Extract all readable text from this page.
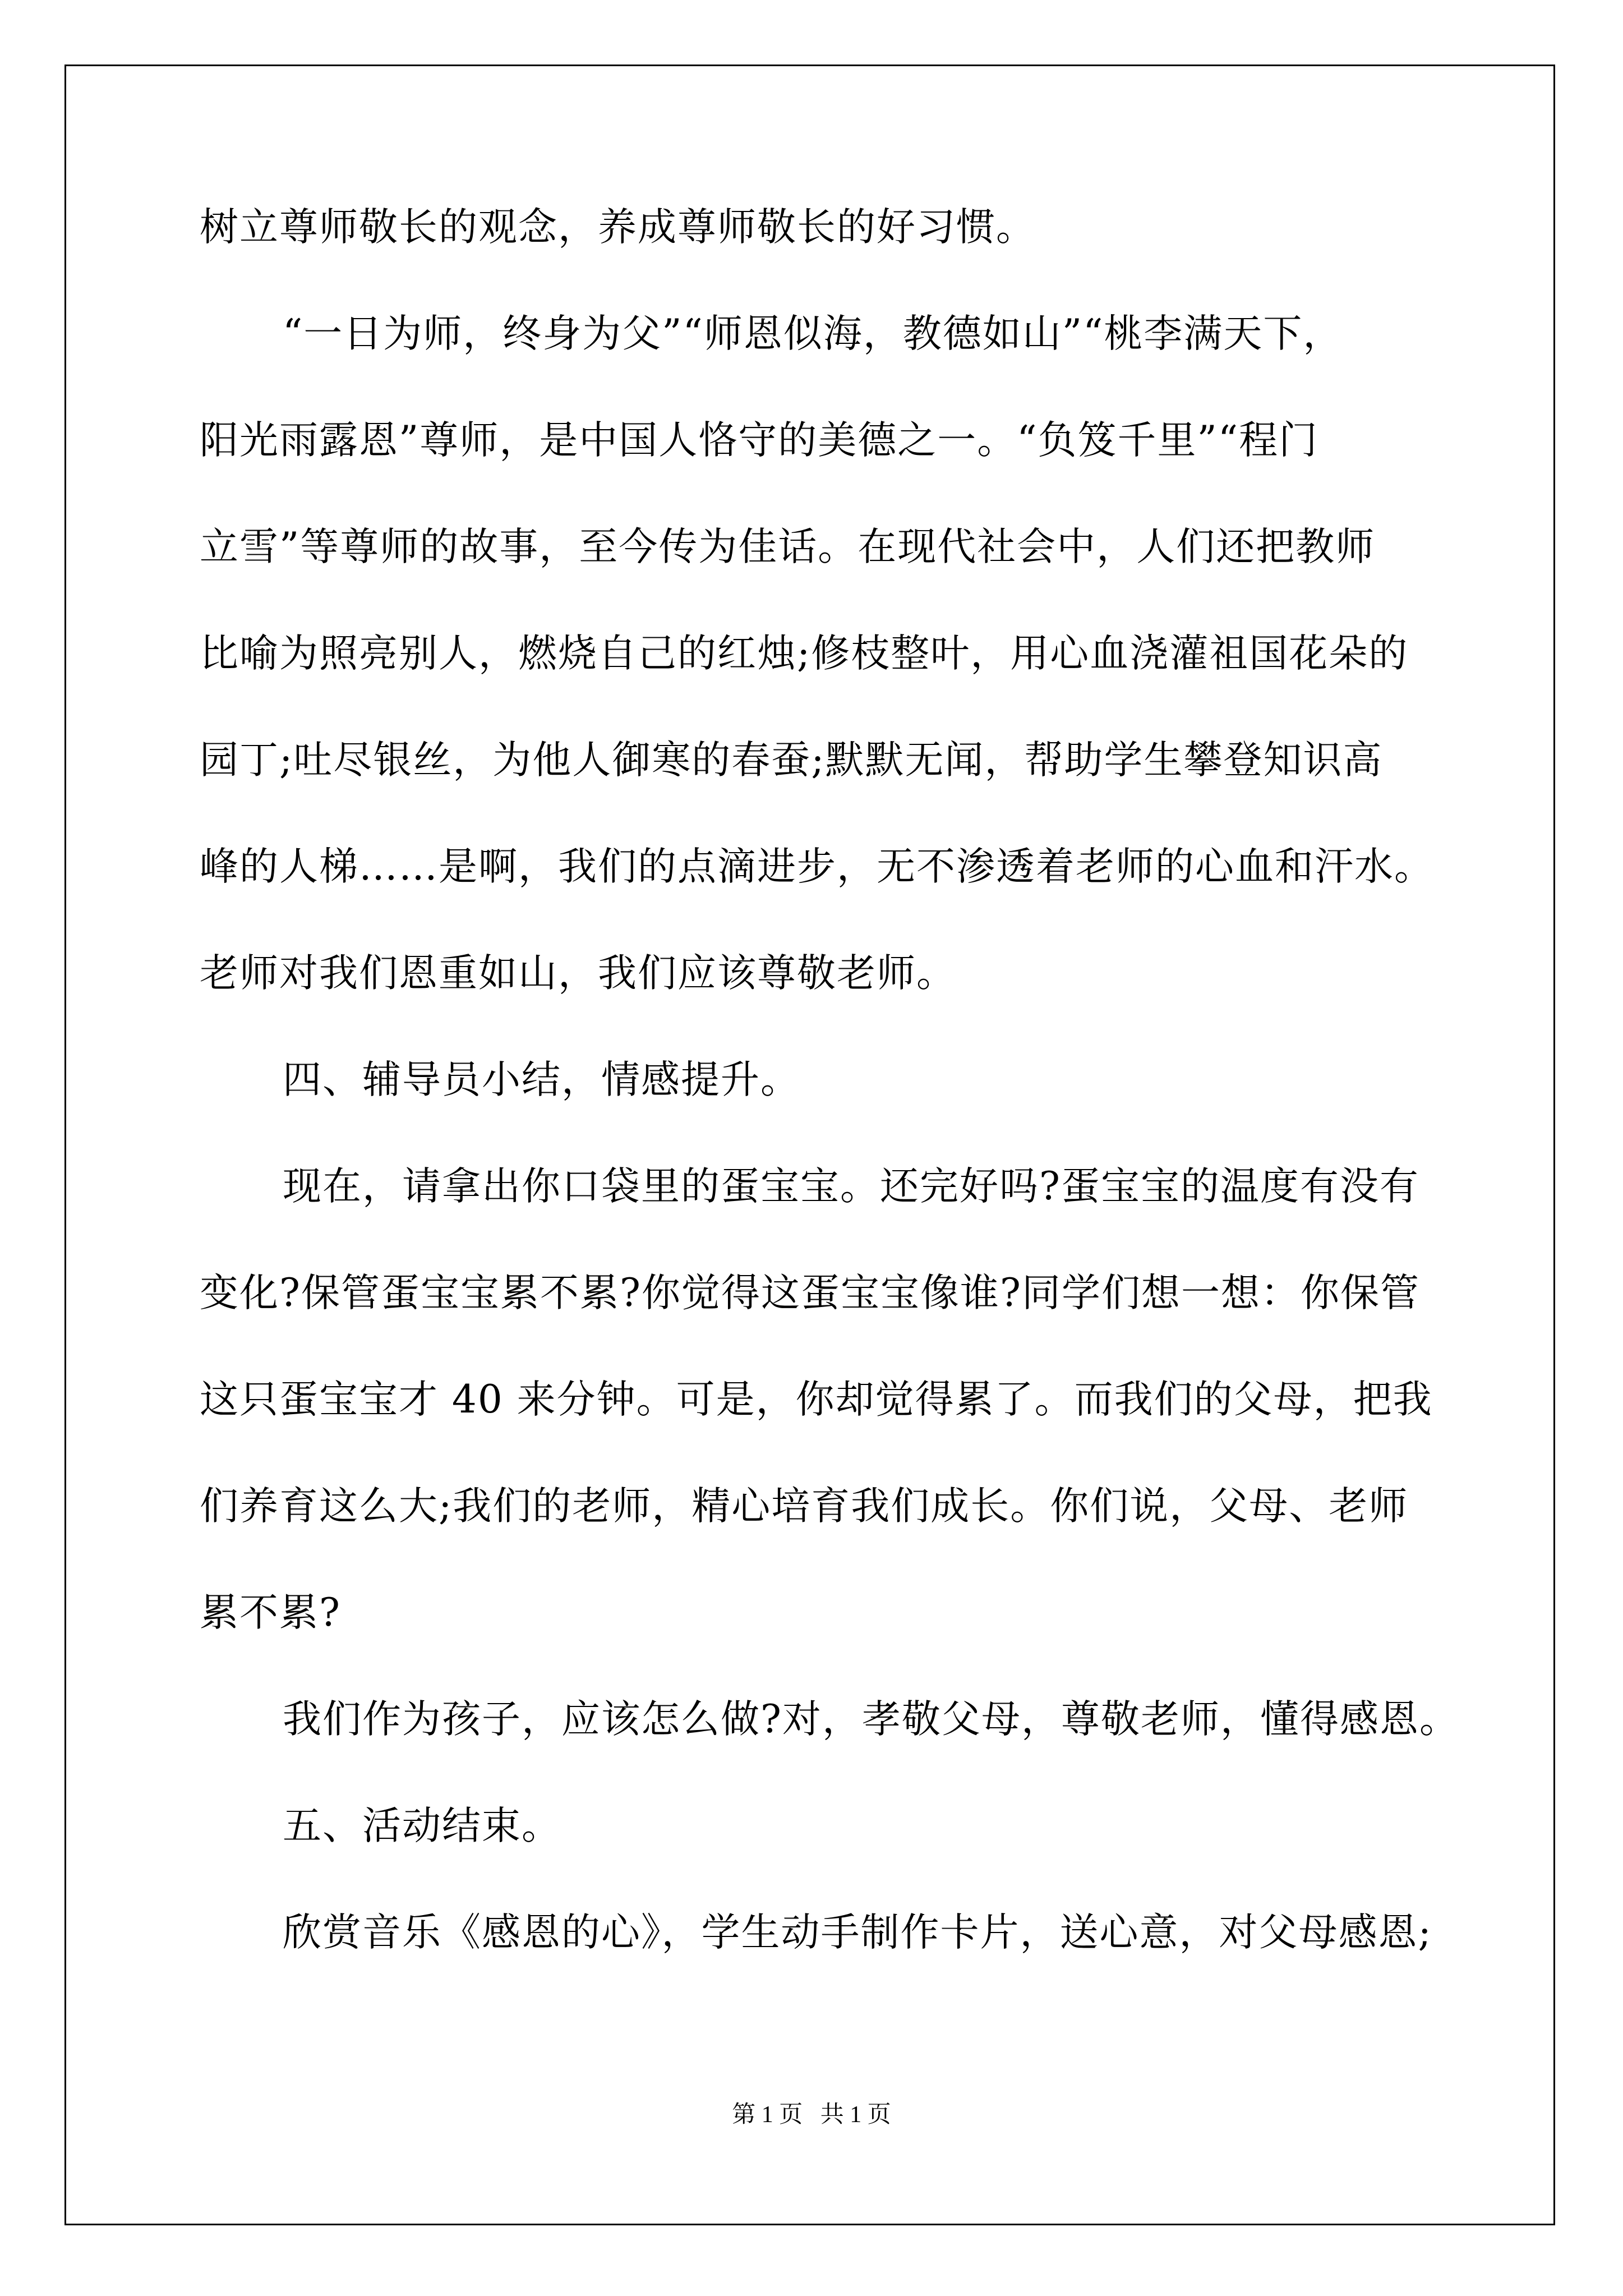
树立尊师敬长的观念，养成尊师敬长的好习惯。
“一日为师，终身为父”“师恩似海，教德如山”“桃李满天下，
阳光雨露恩”尊师，是中国人恪守的美德之一。“负笈千里”“程门
立雪”等尊师的故事，至今传为佳话。在现代社会中，人们还把教师
比喻为照亮别人，燃烧自己的红烛;修枝整叶，用心血浇灌祖国花朵的
园丁;吐尽银丝，为他人御寒的春蚕;默默无闻，帮助学生攀登知识高
峰的人梯……是啊，我们的点滴进步，无不渗透着老师的心血和汗水。
老师对我们恩重如山，我们应该尊敬老师。
四、辅导员小结，情感提升。
现在，请拿出你口袋里的蛋宝宝。还完好吗?蛋宝宝的温度有没有
变化?保管蛋宝宝累不累?你觉得这蛋宝宝像谁?同学们想一想：你保管
这只蛋宝宝才 40 来分钟。可是，你却觉得累了。而我们的父母，把我
们养育这么大;我们的老师，精心培育我们成长。你们说，父母、老师
累不累?
我们作为孩子，应该怎么做?对，孝敬父母，尊敬老师，懂得感恩。
五、活动结束。
欣赏音乐《感恩的心》，学生动手制作卡片，送心意，对父母感恩;
第 1 页 共 1 页
